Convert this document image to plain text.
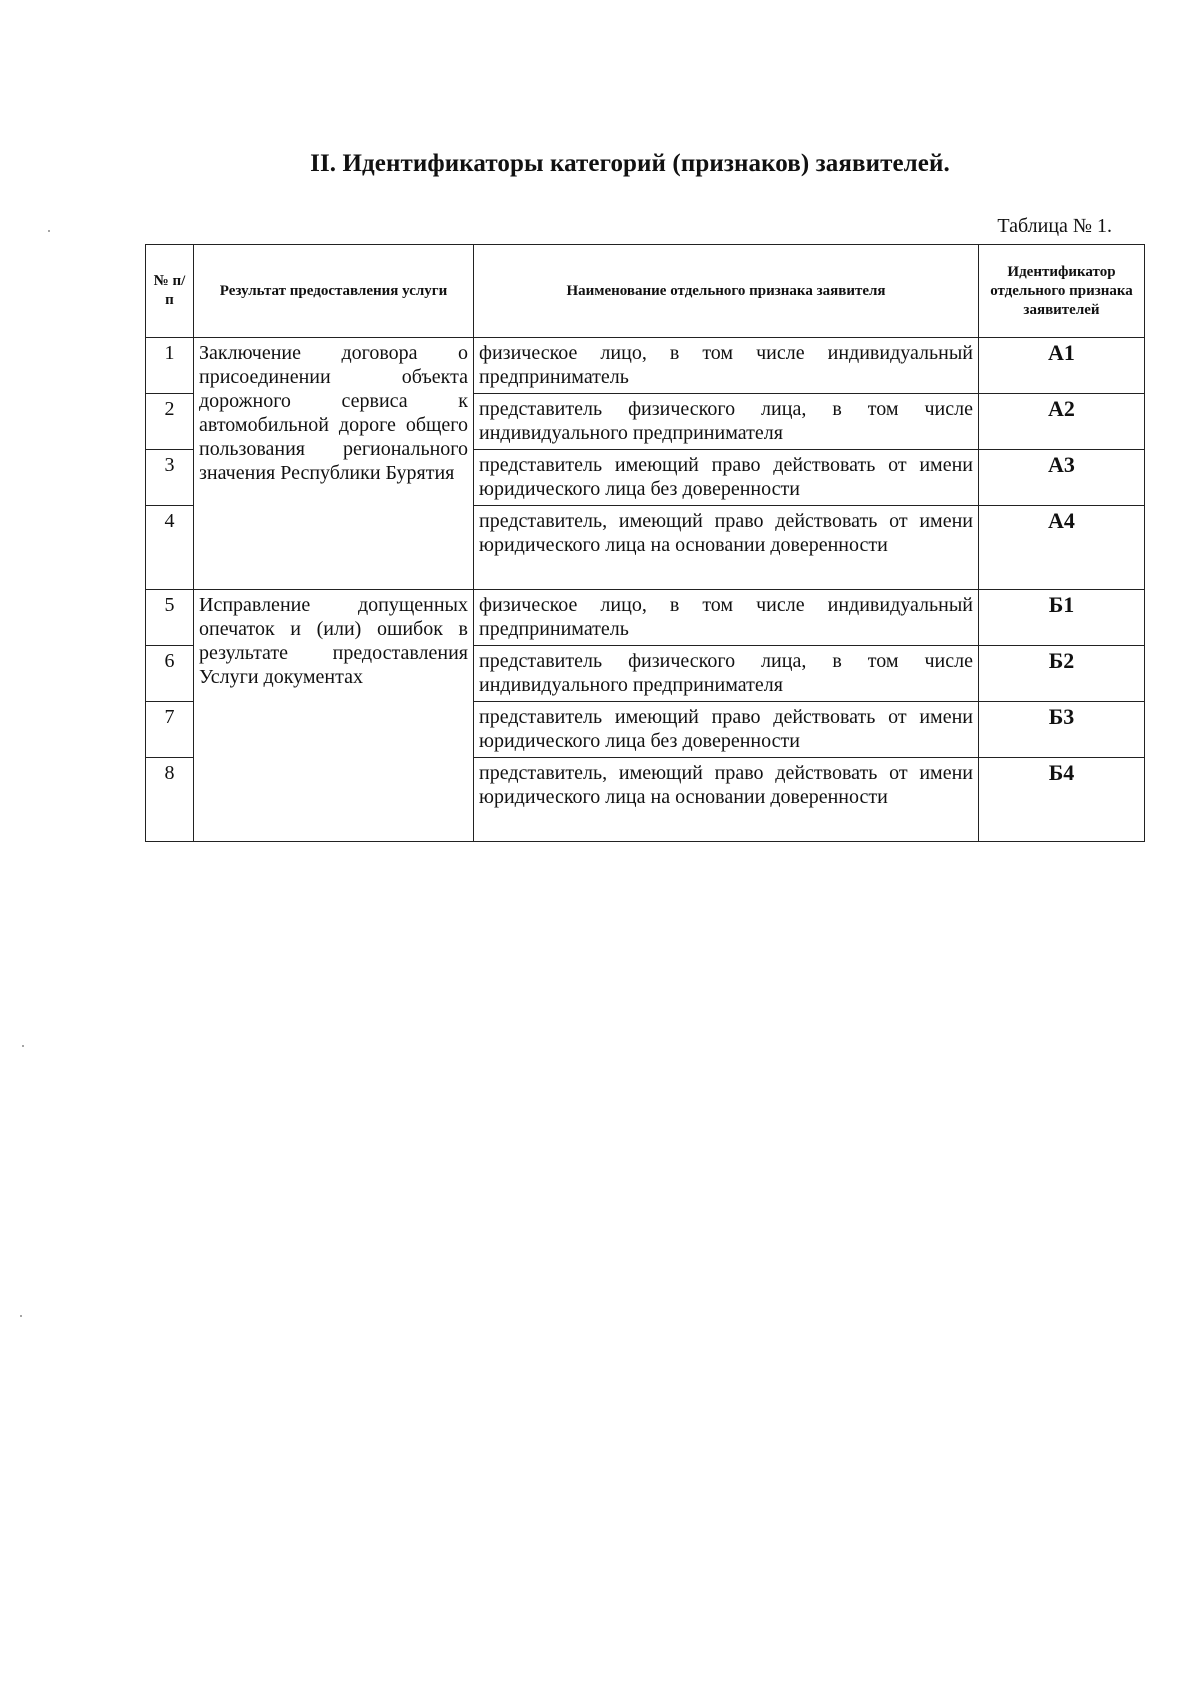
II. Идентификаторы категорий (признаков) заявителей.
Таблица № 1.
№ п/п	Результат предоставления услуги	Наименование отдельного признака заявителя	Идентификатор отдельного признака заявителей
1	Заключение договора о присоединении объекта дорожного сервиса к автомобильной дороге общего пользования регионального значения Республики Бурятия	физическое лицо, в том числе индивидуальный предприниматель	А1
2		представитель физического лица, в том числе индивидуального предпринимателя	А2
3		представитель имеющий право действовать от имени юридического лица без доверенности	А3
4		представитель, имеющий право действовать от имени юридического лица на основании доверенности	А4
5	Исправление допущенных опечаток и (или) ошибок в результате предоставления Услуги документах	физическое лицо, в том числе индивидуальный предприниматель	Б1
6		представитель физического лица, в том числе индивидуального предпринимателя	Б2
7		представитель имеющий право действовать от имени юридического лица без доверенности	Б3
8		представитель, имеющий право действовать от имени юридического лица на основании доверенности	Б4
